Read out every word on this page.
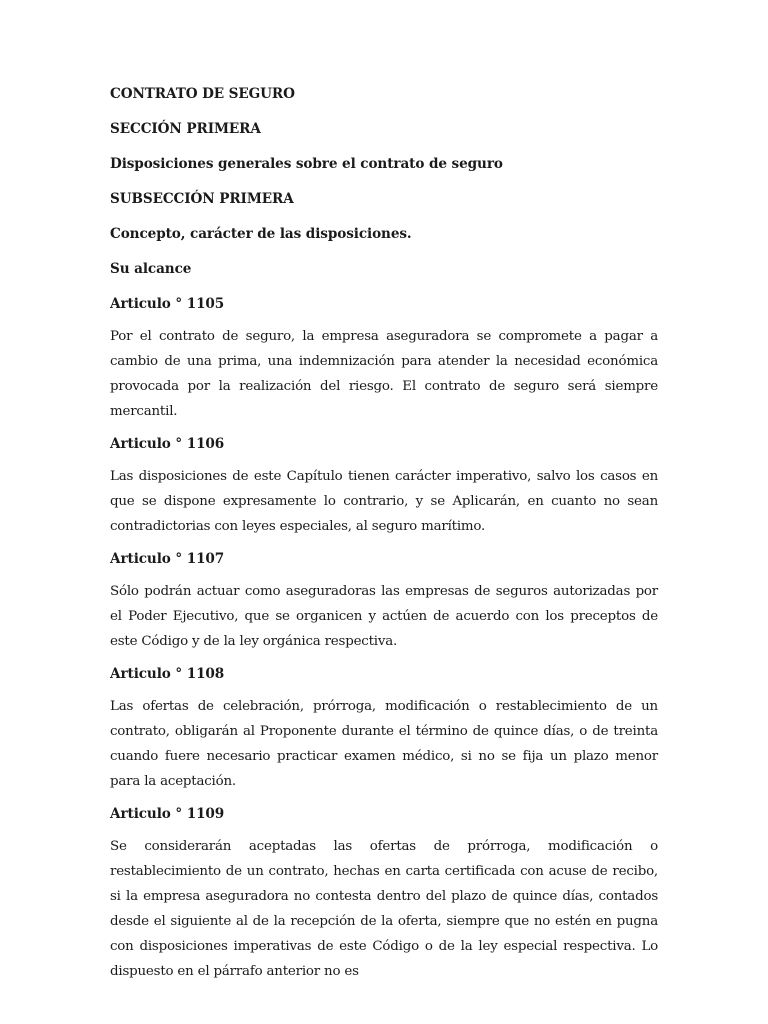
CONTRATO DE SEGURO
SECCIÓN PRIMERA
Disposiciones generales sobre el contrato de seguro
SUBSECCIÓN PRIMERA
Concepto, carácter de las disposiciones.
Su alcance
Articulo ° 1105
Por el contrato de seguro, la empresa aseguradora se compromete a pagar a cambio de una prima, una indemnización para atender la necesidad económica provocada por la realización del riesgo. El contrato de seguro será siempre mercantil.
Articulo ° 1106
Las disposiciones de este Capítulo tienen carácter imperativo, salvo los casos en que se dispone expresamente lo contrario, y se Aplicarán, en cuanto no sean contradictorias con leyes especiales, al seguro marítimo.
Articulo ° 1107
Sólo podrán actuar como aseguradoras las empresas de seguros autorizadas por el Poder Ejecutivo, que se organicen y actúen de acuerdo con los preceptos de este Código y de la ley orgánica respectiva.
Articulo ° 1108
Las ofertas de celebración, prórroga, modificación o restablecimiento de un contrato, obligarán al Proponente durante el término de quince días, o de treinta cuando fuere necesario practicar examen médico, si no se fija un plazo menor para la aceptación.
Articulo ° 1109
Se considerarán aceptadas las ofertas de prórroga, modificación o restablecimiento de un contrato, hechas en carta certificada con acuse de recibo, si la empresa aseguradora no contesta dentro del plazo de quince días, contados desde el siguiente al de la recepción de la oferta, siempre que no estén en pugna con disposiciones imperativas de este Código o de la ley especial respectiva. Lo dispuesto en el párrafo anterior no es
